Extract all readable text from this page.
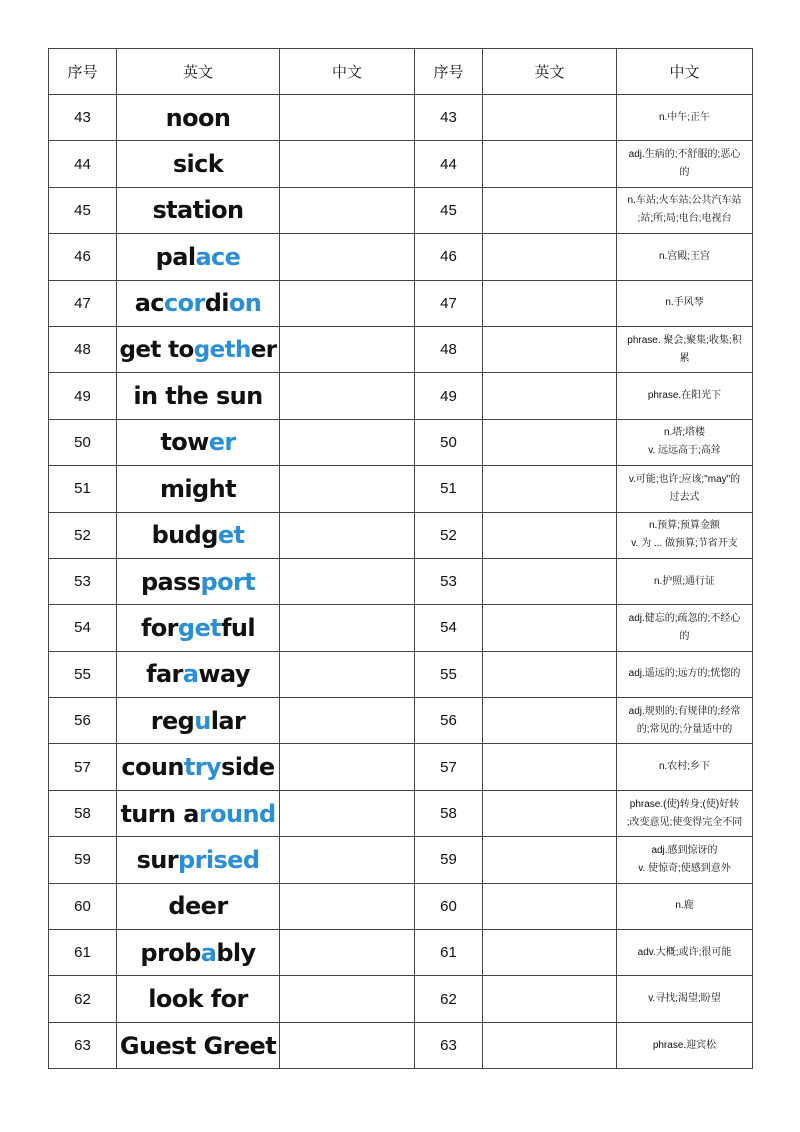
序号	英文	中文	序号	英文	中文
43	noon		43		n.中午;正午

44	sick		44		adj.生病的;不舒服的;恶心
的

45	station		45		n.车站;火车站;公共汽车站
;站;所;局;电台;电视台

46	palace		46		n.宫殿;王宫

47	accordion		47		n.手风琴

48	get together		48		phrase. 聚会;聚集;收集;积
累

49	in the sun		49		phrase.在阳光下

50	tower		50		n.塔;塔楼
v. 远远高于;高耸

51	might		51		v.可能;也许;应该;"may"的
过去式

52	budget		52		n.预算;预算金额
v. 为 ... 做预算;节省开支

53	passport		53		n.护照;通行证

54	forgetful		54		adj.健忘的;疏忽的;不经心
的

55	faraway		55		adj.遥远的;远方的;恍惚的

56	regular		56		adj.规则的;有规律的;经常
的;常见的;分量适中的

57	countryside		57		n.农村;乡下

58	turn around		58		phrase.(使)转身;(使)好转
;改变意见;使变得完全不同

59	surprised		59		adj.感到惊讶的
v. 使惊奇;使感到意外

60	deer		60		n.鹿

61	probably		61		adv.大概;或许;很可能

62	look for		62		v.寻找;渴望;盼望

63	Guest Greet		63		phrase.迎宾松
